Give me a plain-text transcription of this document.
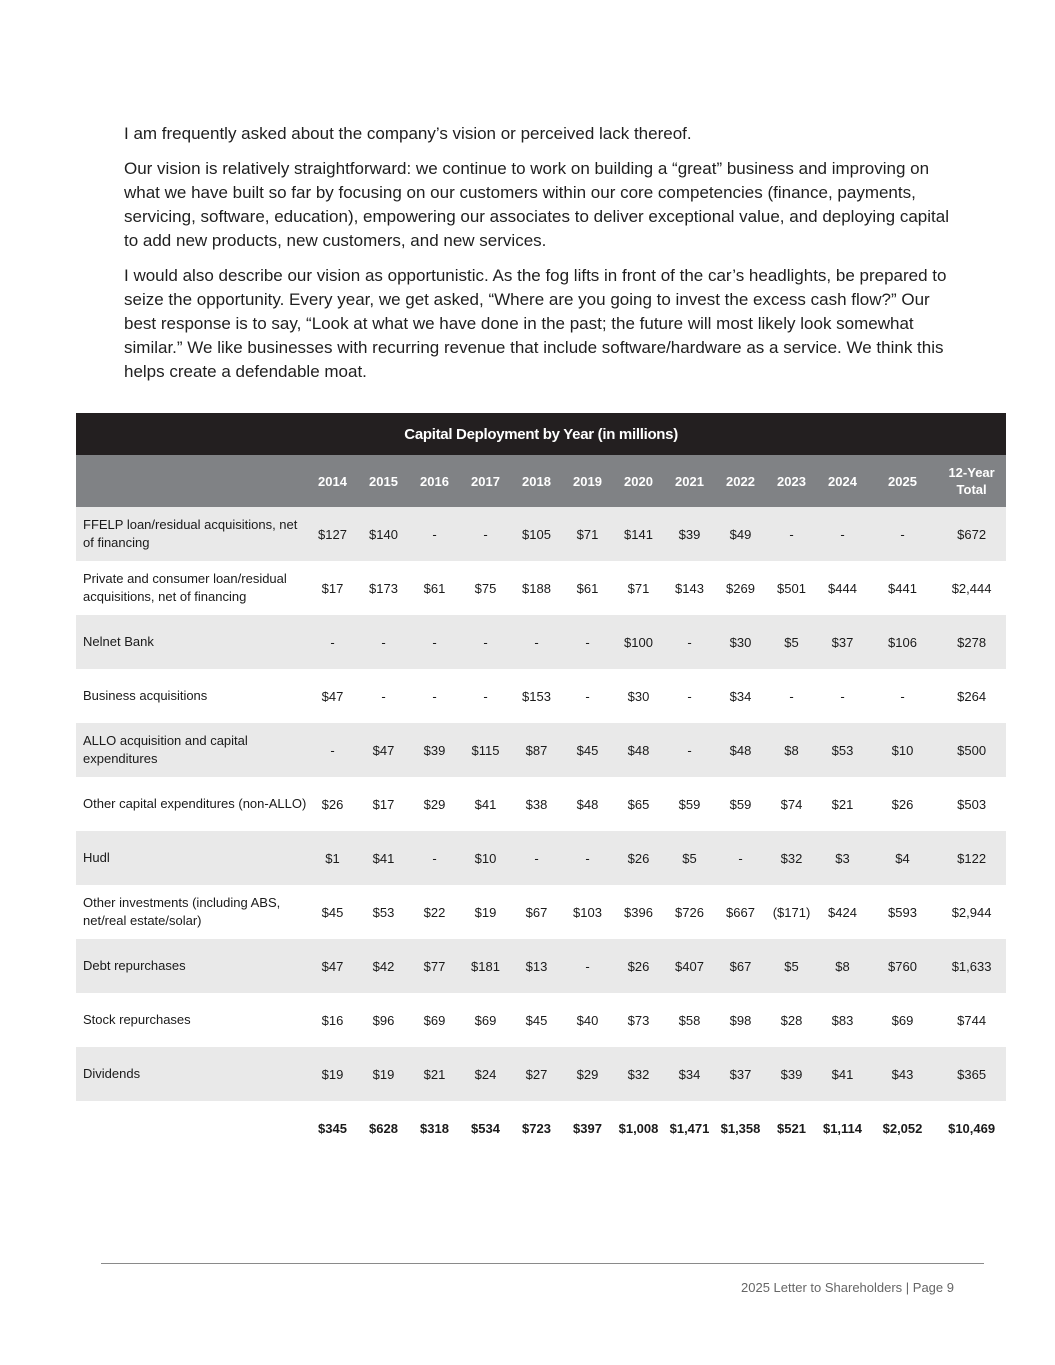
I am frequently asked about the company’s vision or perceived lack thereof.

Our vision is relatively straightforward: we continue to work on building a “great” business and improving on what we have built so far by focusing on our customers within our core competencies (finance, payments, servicing, software, education), empowering our associates to deliver exceptional value, and deploying capital to add new products, new customers, and new services.

I would also describe our vision as opportunistic. As the fog lifts in front of the car’s headlights, be prepared to seize the opportunity. Every year, we get asked, “Where are you going to invest the excess cash flow?” Our best response is to say, “Look at what we have done in the past; the future will most likely look somewhat similar.” We like businesses with recurring revenue that include software/hardware as a service. We think this helps create a defendable moat.

Capital Deployment by Year (in millions)													
	2014	2015	2016	2017	2018	2019	2020	2021	2022	2023	2024	2025	12-Year Total
FFELP loan/residual acquisitions, net of financing	$127	$140	-	-	$105	$71	$141	$39	$49	-	-	-	$672
Private and consumer loan/residual acquisitions, net of financing	$17	$173	$61	$75	$188	$61	$71	$143	$269	$501	$444	$441	$2,444
Nelnet Bank	-	-	-	-	-	-	$100	-	$30	$5	$37	$106	$278
Business acquisitions	$47	-	-	-	$153	-	$30	-	$34	-	-	-	$264
ALLO acquisition and capital expenditures	-	$47	$39	$115	$87	$45	$48	-	$48	$8	$53	$10	$500
Other capital expenditures (non-ALLO)	$26	$17	$29	$41	$38	$48	$65	$59	$59	$74	$21	$26	$503
Hudl	$1	$41	-	$10	-	-	$26	$5	-	$32	$3	$4	$122
Other investments (including ABS, net/real estate/solar)	$45	$53	$22	$19	$67	$103	$396	$726	$667	($171)	$424	$593	$2,944
Debt repurchases	$47	$42	$77	$181	$13	-	$26	$407	$67	$5	$8	$760	$1,633
Stock repurchases	$16	$96	$69	$69	$45	$40	$73	$58	$98	$28	$83	$69	$744
Dividends	$19	$19	$21	$24	$27	$29	$32	$34	$37	$39	$41	$43	$365
	$345	$628	$318	$534	$723	$397	$1,008	$1,471	$1,358	$521	$1,114	$2,052	$10,469
2025 Letter to Shareholders | Page 9
